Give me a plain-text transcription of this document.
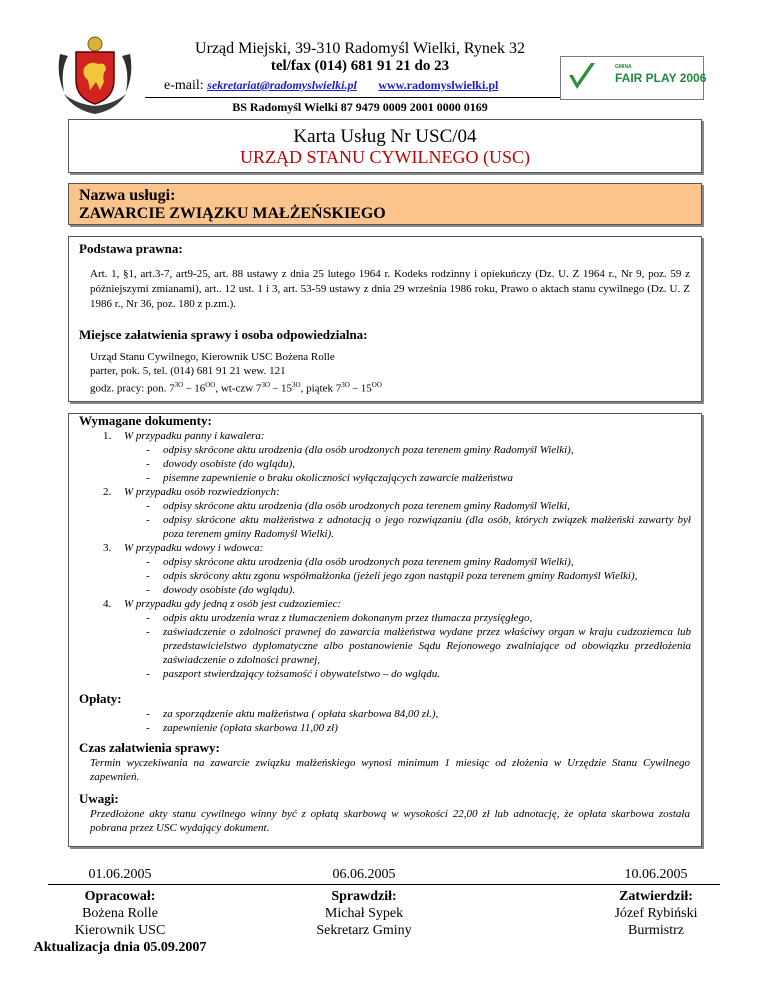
Urząd Miejski, 39-310 Radomyśl Wielki, Rynek 32
tel/fax (014) 681 91 21 do 23
e-mail: sekretariat@radomyslwielki.pl www.radomyslwielki.pl
BS Radomyśl Wielki 87 9479 0009 2001 0000 0169
GMINA
FAIR PLAY 2006
Karta Usług Nr USC/04
URZĄD STANU CYWILNEGO (USC)
Nazwa usługi:
ZAWARCIE ZWIĄZKU MAŁŻEŃSKIEGO
Podstawa prawna:
Art. 1, §1, art.3-7, art9-25, art. 88 ustawy z dnia 25 lutego 1964 r. Kodeks rodzinny i opiekuńczy (Dz. U. Z 1964 r., Nr 9, poz. 59 z późniejszymi zmianami), art.. 12 ust. 1 i 3, art. 53-59 ustawy z dnia 29 września 1986 roku, Prawo o aktach stanu cywilnego (Dz. U. Z 1986 r., Nr 36, poz. 180 z p.zm.).
Miejsce załatwienia sprawy i osoba odpowiedzialna:
Urząd Stanu Cywilnego, Kierownik USC Bożena Rolle
parter, pok. 5, tel. (014) 681 91 21 wew. 121
godz. pracy: pon. $7^{3O} - 16^{OO}$, wt-czw $7^{3O} - 15^{3O}$, piątek $7^{3O} - 15^{OO}$
Wymagane dokumenty:
1. W przypadku panny i kawalera:
- odpisy skrócone aktu urodzenia (dla osób urodzonych poza terenem gminy Radomyśl Wielki),
- dowody osobiste (do wglądu),
- pisemne zapewnienie o braku okoliczności wyłączających zawarcie małżeństwa
2. W przypadku osób rozwiedzionych:
- odpisy skrócone aktu urodzenia (dla osób urodzonych poza terenem gminy Radomyśl Wielki,
- odpisy skrócone aktu małżeństwa z adnotacją o jego rozwiązaniu (dla osób, których związek małżeński zawarty był poza terenem gminy Radomyśl Wielki).
3. W przypadku wdowy i wdowca:
- odpisy skrócone aktu urodzenia (dla osób urodzonych poza terenem gminy Radomyśl Wielki),
- odpis skrócony aktu zgonu współmałżonka (jeżeli jego zgon nastąpił poza terenem gminy Radomyśl Wielki),
- dowody osobiste (do wglądu).
4. W przypadku gdy jedną z osób jest cudzoziemiec:
- odpis aktu urodzenia wraz z tłumaczeniem dokonanym przez tłumacza przysięgłego,
- zaświadczenie o zdolności prawnej do zawarcia małżeństwa wydane przez właściwy organ w kraju cudzoziemca lub przedstawicielstwo dyplomatyczne albo postanowienie Sądu Rejonowego zwalniające od obowiązku przedłożenia zaświadczenie o zdolności prawnej,
- paszport stwierdzający tożsamość i obywatelstwo – do wglądu.
Opłaty:
- za sporządzenie aktu małżeństwa ( opłata skarbowa 84,00 zł.),
- zapewnienie (opłata skarbowa 11,00 zł)
Czas załatwienia sprawy:
Termin wyczekiwania na zawarcie związku małżeńskiego wynosi minimum 1 miesiąc od złożenia w Urzędzie Stanu Cywilnego zapewnień.
Uwagi:
Przedłożone akty stanu cywilnego winny być z opłatą skarbową w wysokości 22,00 zł lub adnotację, że opłata skarbowa została pobrana przez USC wydający dokument.
01.06.2005	06.06.2005	10.06.2005
Opracował:
Bożena Rolle
Kierownik USC
Aktualizacja dnia 05.09.2007
Sprawdził:
Michał Sypek
Sekretarz Gminy
Zatwierdził:
Józef Rybiński
Burmistrz
